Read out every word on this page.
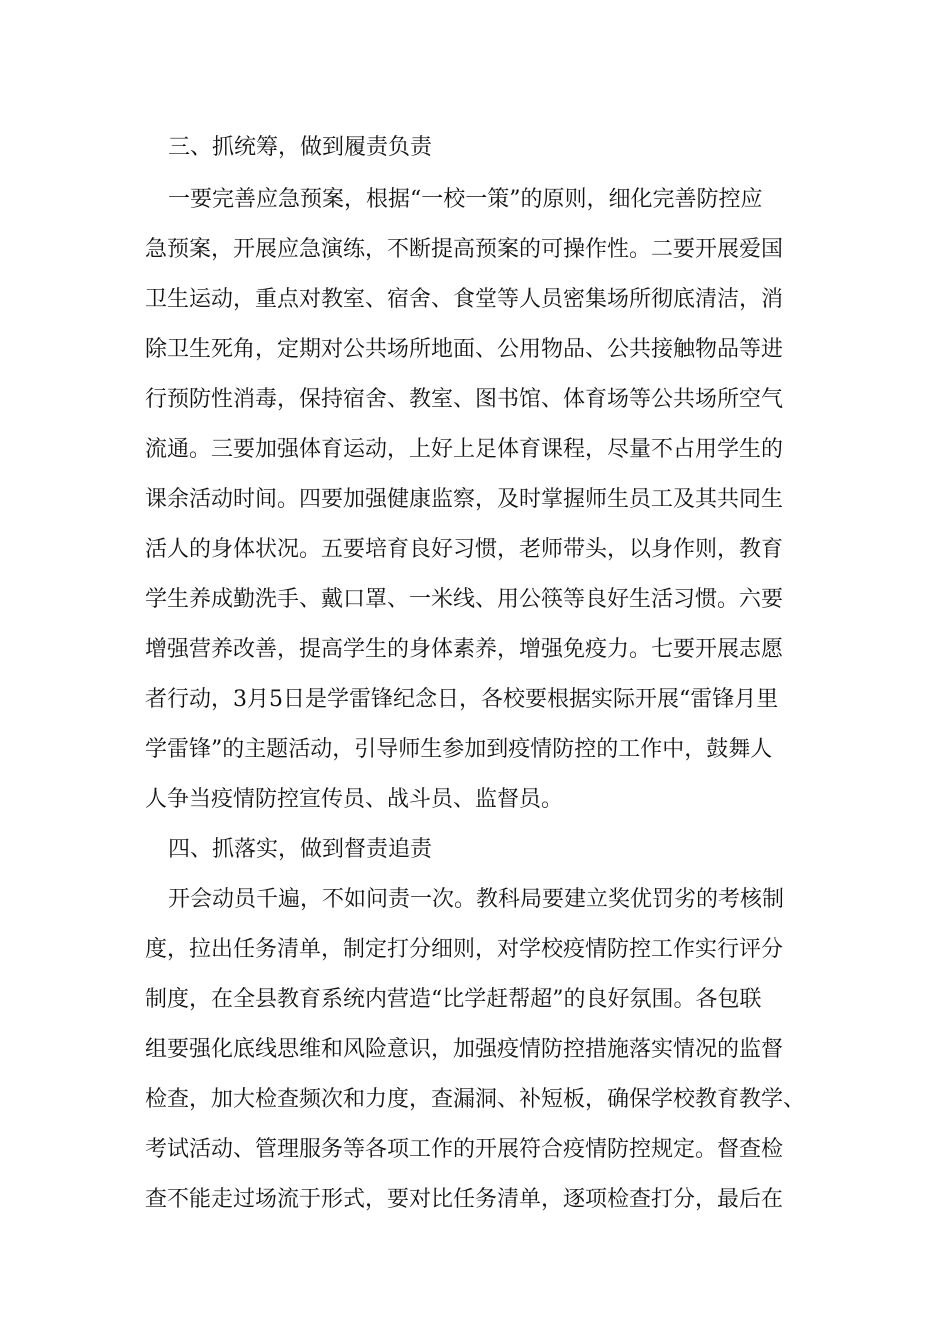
三、抓统筹，做到履责负责
一要完善应急预案，根据“一校一策”的原则，细化完善防控应
急预案，开展应急演练，不断提高预案的可操作性。二要开展爱国
卫生运动，重点对教室、宿舍、食堂等人员密集场所彻底清洁，消
除卫生死角，定期对公共场所地面、公用物品、公共接触物品等进
行预防性消毒，保持宿舍、教室、图书馆、体育场等公共场所空气
流通。三要加强体育运动，上好上足体育课程，尽量不占用学生的
课余活动时间。四要加强健康监察，及时掌握师生员工及其共同生
活人的身体状况。五要培育良好习惯，老师带头，以身作则，教育
学生养成勤洗手、戴口罩、一米线、用公筷等良好生活习惯。六要
增强营养改善，提高学生的身体素养，增强免疫力。七要开展志愿
者行动，3月5日是学雷锋纪念日，各校要根据实际开展“雷锋月里
学雷锋”的主题活动，引导师生参加到疫情防控的工作中，鼓舞人
人争当疫情防控宣传员、战斗员、监督员。
四、抓落实，做到督责追责
开会动员千遍，不如问责一次。教科局要建立奖优罚劣的考核制
度，拉出任务清单，制定打分细则，对学校疫情防控工作实行评分
制度，在全县教育系统内营造“比学赶帮超”的良好氛围。各包联
组要强化底线思维和风险意识，加强疫情防控措施落实情况的监督
检查，加大检查频次和力度，查漏洞、补短板，确保学校教育教学、
考试活动、管理服务等各项工作的开展符合疫情防控规定。督查检
查不能走过场流于形式，要对比任务清单，逐项检查打分，最后在
